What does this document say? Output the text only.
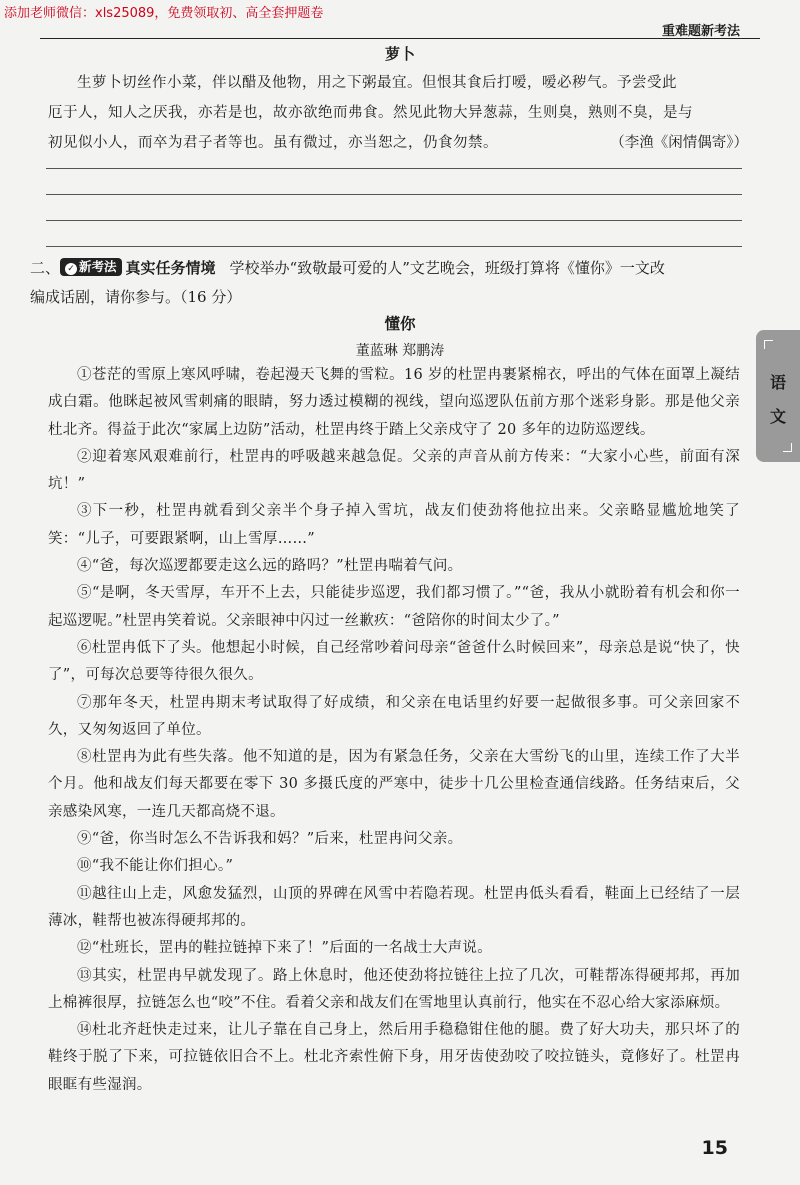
添加老师微信：xls25089，免费领取初、高全套押题卷
重难题新考法
萝卜

生萝卜切丝作小菜，伴以醋及他物，用之下粥最宜。但恨其食后打嗳，嗳必秽气。予尝受此

厄于人，知人之厌我，亦若是也，故亦欲绝而弗食。然见此物大异葱蒜，生则臭，熟则不臭，是与

初见似小人，而卒为君子者等也。虽有微过，亦当恕之，仍食勿禁。	（李渔《闲情偶寄》）

二、 ✓ 新考法 真实任务情境 学校举办“致敬最可爱的人”文艺晚会，班级打算将《懂你》一文改

编成话剧，请你参与。（16 分）

懂你
董蓝琳 郑鹏涛

①苍茫的雪原上寒风呼啸，卷起漫天飞舞的雪粒。16 岁的杜罡冉裹紧棉衣，呼出的气体在面罩上凝结成白霜。他眯起被风雪刺痛的眼睛，努力透过模糊的视线，望向巡逻队伍前方那个迷彩身影。那是他父亲杜北齐。得益于此次“家属上边防”活动，杜罡冉终于踏上父亲戍守了 20 多年的边防巡逻线。

②迎着寒风艰难前行，杜罡冉的呼吸越来越急促。父亲的声音从前方传来：“大家小心些，前面有深坑！”

③下一秒，杜罡冉就看到父亲半个身子掉入雪坑，战友们使劲将他拉出来。父亲略显尴尬地笑了笑：“儿子，可要跟紧啊，山上雪厚……”

④“爸，每次巡逻都要走这么远的路吗？”杜罡冉喘着气问。

⑤“是啊，冬天雪厚，车开不上去，只能徒步巡逻，我们都习惯了。”“爸，我从小就盼着有机会和你一起巡逻呢。”杜罡冉笑着说。父亲眼神中闪过一丝歉疚：“爸陪你的时间太少了。”

⑥杜罡冉低下了头。他想起小时候，自己经常吵着问母亲“爸爸什么时候回来”，母亲总是说“快了，快了”，可每次总要等待很久很久。

⑦那年冬天，杜罡冉期末考试取得了好成绩，和父亲在电话里约好要一起做很多事。可父亲回家不久，又匆匆返回了单位。

⑧杜罡冉为此有些失落。他不知道的是，因为有紧急任务，父亲在大雪纷飞的山里，连续工作了大半个月。他和战友们每天都要在零下 30 多摄氏度的严寒中，徒步十几公里检查通信线路。任务结束后，父亲感染风寒，一连几天都高烧不退。

⑨“爸，你当时怎么不告诉我和妈？”后来，杜罡冉问父亲。

⑩“我不能让你们担心。”

⑪越往山上走，风愈发猛烈，山顶的界碑在风雪中若隐若现。杜罡冉低头看看，鞋面上已经结了一层薄冰，鞋帮也被冻得硬邦邦的。

⑫“杜班长，罡冉的鞋拉链掉下来了！”后面的一名战士大声说。

⑬其实，杜罡冉早就发现了。路上休息时，他还使劲将拉链往上拉了几次，可鞋帮冻得硬邦邦，再加上棉裤很厚，拉链怎么也“咬”不住。看着父亲和战友们在雪地里认真前行，他实在不忍心给大家添麻烦。

⑭杜北齐赶快走过来，让儿子靠在自己身上，然后用手稳稳钳住他的腿。费了好大功夫，那只坏了的鞋终于脱了下来，可拉链依旧合不上。杜北齐索性俯下身，用牙齿使劲咬了咬拉链头，竟修好了。杜罡冉眼眶有些湿润。

语
文
15
